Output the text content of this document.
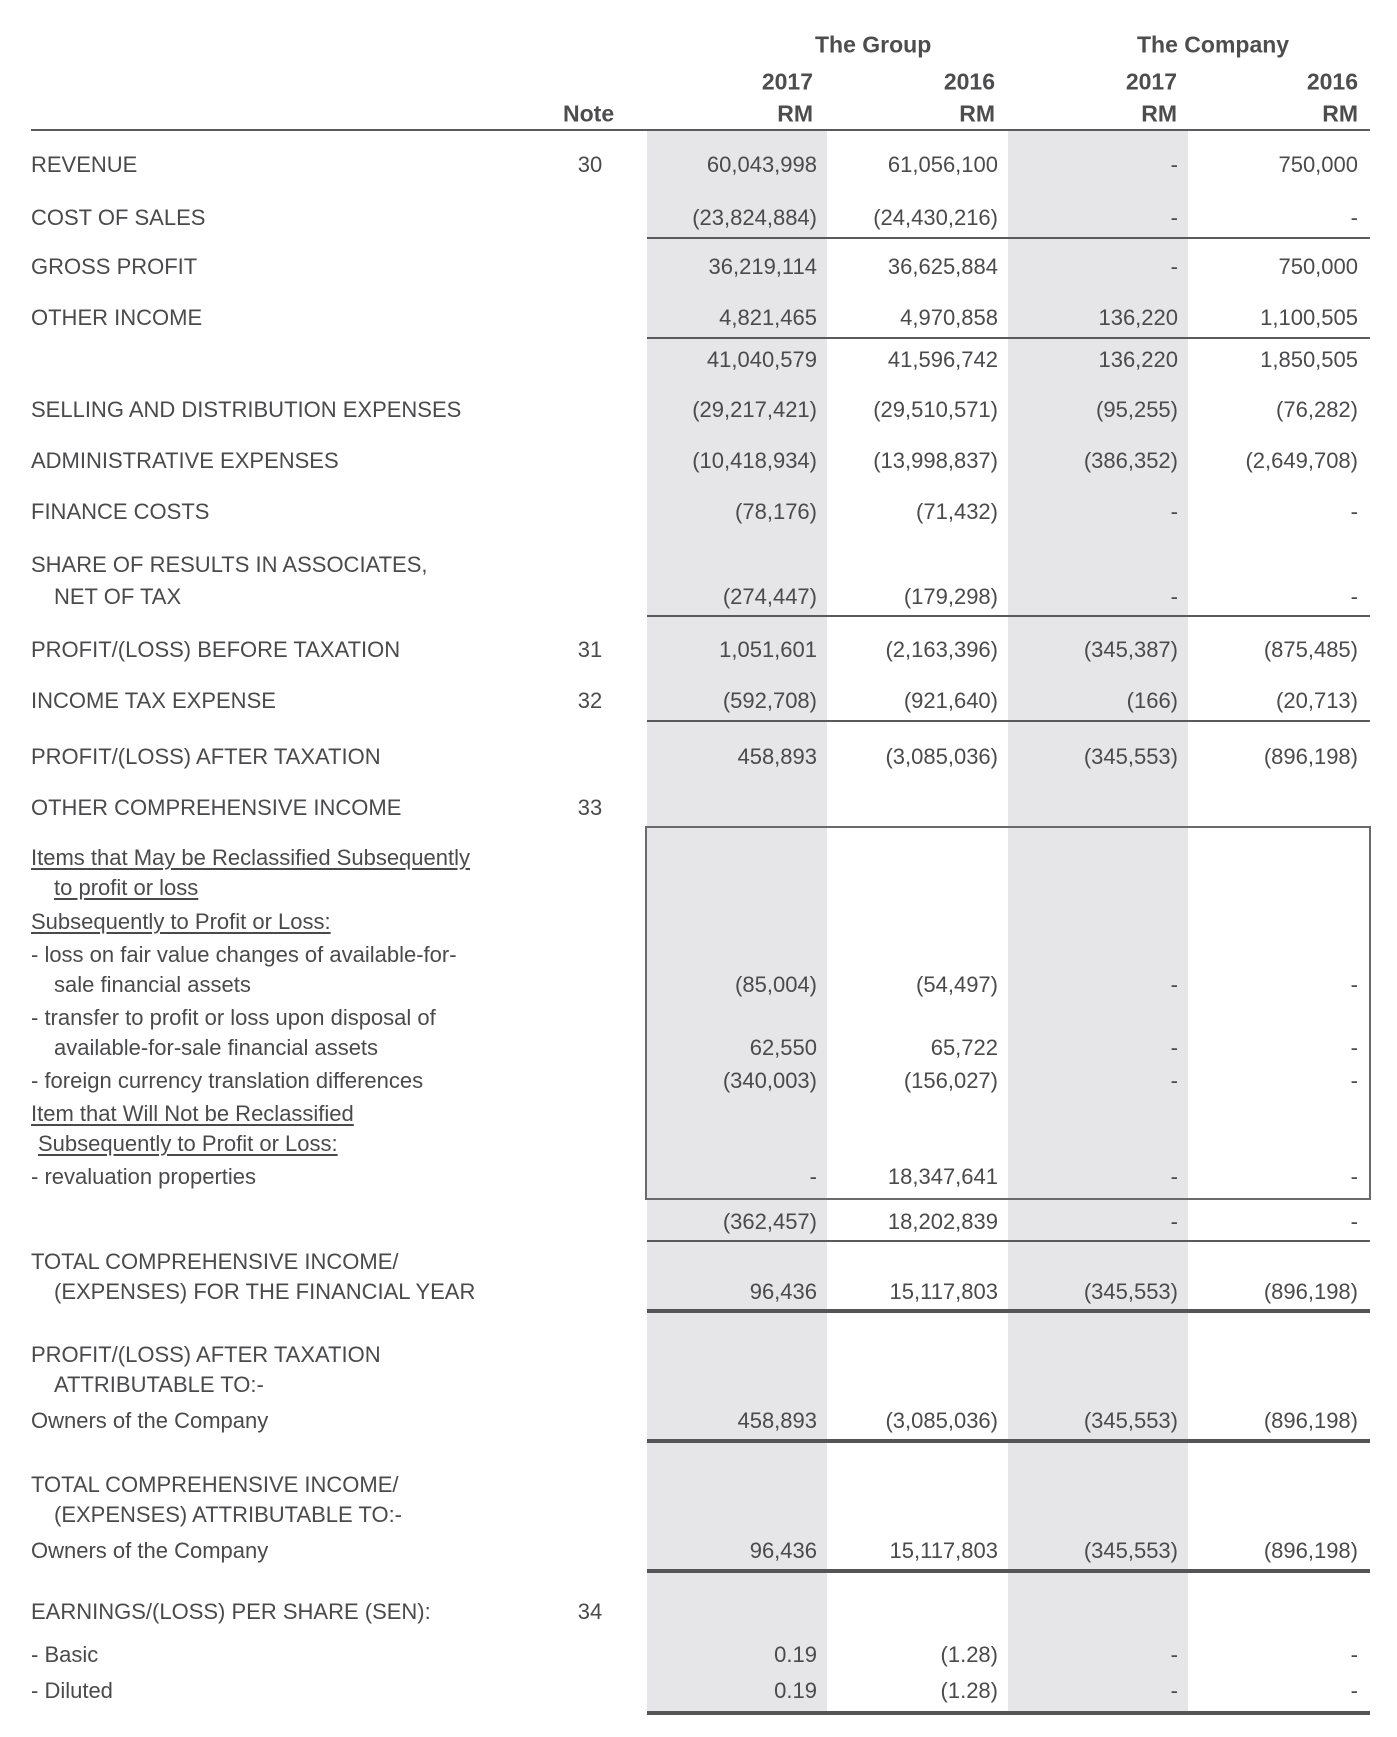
The Group	The Company
2017	2016	2017	2016
Note	RM	RM	RM	RM
REVENUE	30	60,043,998	61,056,100	-	750,000
COST OF SALES	(23,824,884)	(24,430,216)	-	-
GROSS PROFIT	36,219,114	36,625,884	-	750,000
OTHER INCOME	4,821,465	4,970,858	136,220	1,100,505
41,040,579	41,596,742	136,220	1,850,505
SELLING AND DISTRIBUTION EXPENSES	(29,217,421)	(29,510,571)	(95,255)	(76,282)
ADMINISTRATIVE EXPENSES	(10,418,934)	(13,998,837)	(386,352)	(2,649,708)
FINANCE COSTS	(78,176)	(71,432)	-	-
SHARE OF RESULTS IN ASSOCIATES,
NET OF TAX	(274,447)	(179,298)	-	-
PROFIT/(LOSS) BEFORE TAXATION	31	1,051,601	(2,163,396)	(345,387)	(875,485)
INCOME TAX EXPENSE	32	(592,708)	(921,640)	(166)	(20,713)
PROFIT/(LOSS) AFTER TAXATION	458,893	(3,085,036)	(345,553)	(896,198)
OTHER COMPREHENSIVE INCOME	33
Items that May be Reclassified Subsequently
to profit or loss
Subsequently to Profit or Loss:
- loss on fair value changes of available-for-
sale financial assets	(85,004)	(54,497)	-	-
- transfer to profit or loss upon disposal of
available-for-sale financial assets	62,550	65,722	-	-
- foreign currency translation differences	(340,003)	(156,027)	-	-
Item that Will Not be Reclassified
Subsequently to Profit or Loss:
- revaluation properties	-	18,347,641	-	-
(362,457)	18,202,839	-	-
TOTAL COMPREHENSIVE INCOME/
(EXPENSES) FOR THE FINANCIAL YEAR	96,436	15,117,803	(345,553)	(896,198)
PROFIT/(LOSS) AFTER TAXATION
ATTRIBUTABLE TO:-
Owners of the Company	458,893	(3,085,036)	(345,553)	(896,198)
TOTAL COMPREHENSIVE INCOME/
(EXPENSES) ATTRIBUTABLE TO:-
Owners of the Company	96,436	15,117,803	(345,553)	(896,198)
EARNINGS/(LOSS) PER SHARE (SEN):	34
- Basic	0.19	(1.28)	-	-
- Diluted	0.19	(1.28)	-	-
